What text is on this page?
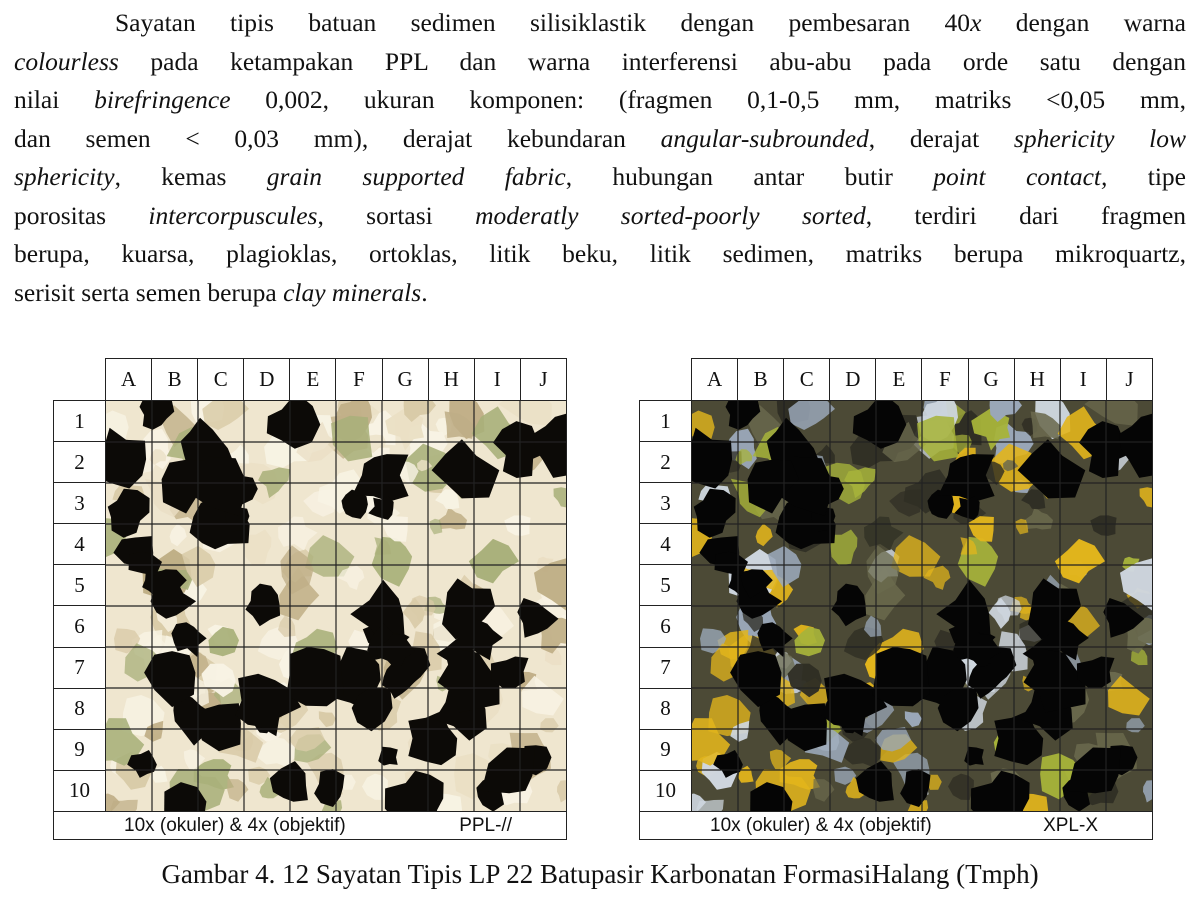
Sayatan tipis batuan sedimen silisiklastik dengan pembesaran 40x dengan warna
colourless pada ketampakan PPL dan warna interferensi abu-abu pada orde satu dengan
nilai birefringence 0,002, ukuran komponen: (fragmen 0,1-0,5 mm, matriks <0,05 mm,
dan semen < 0,03 mm), derajat kebundaran angular-subrounded, derajat sphericity low
sphericity, kemas grain supported fabric, hubungan antar butir point contact, tipe
porositas intercorpuscules, sortasi moderatly sorted-poorly sorted, terdiri dari fragmen
berupa, kuarsa, plagioklas, ortoklas, litik beku, litik sedimen, matriks berupa mikroquartz,
serisit serta semen berupa clay minerals.
	A	B	C	D	E	F	G	H	I	J
1	

2										
3										
4										
5										
6										
7										
8										
9										
10										

10x (okuler) & 4x (objektif) PPL-//										
	A	B	C	D	E	F	G	H	I	J
1	

2										
3										
4										
5										
6										
7										
8										
9										
10										

10x (okuler) & 4x (objektif) XPL-X										
Gambar 4. 12 Sayatan Tipis LP 22 Batupasir Karbonatan FormasiHalang (Tmph)
